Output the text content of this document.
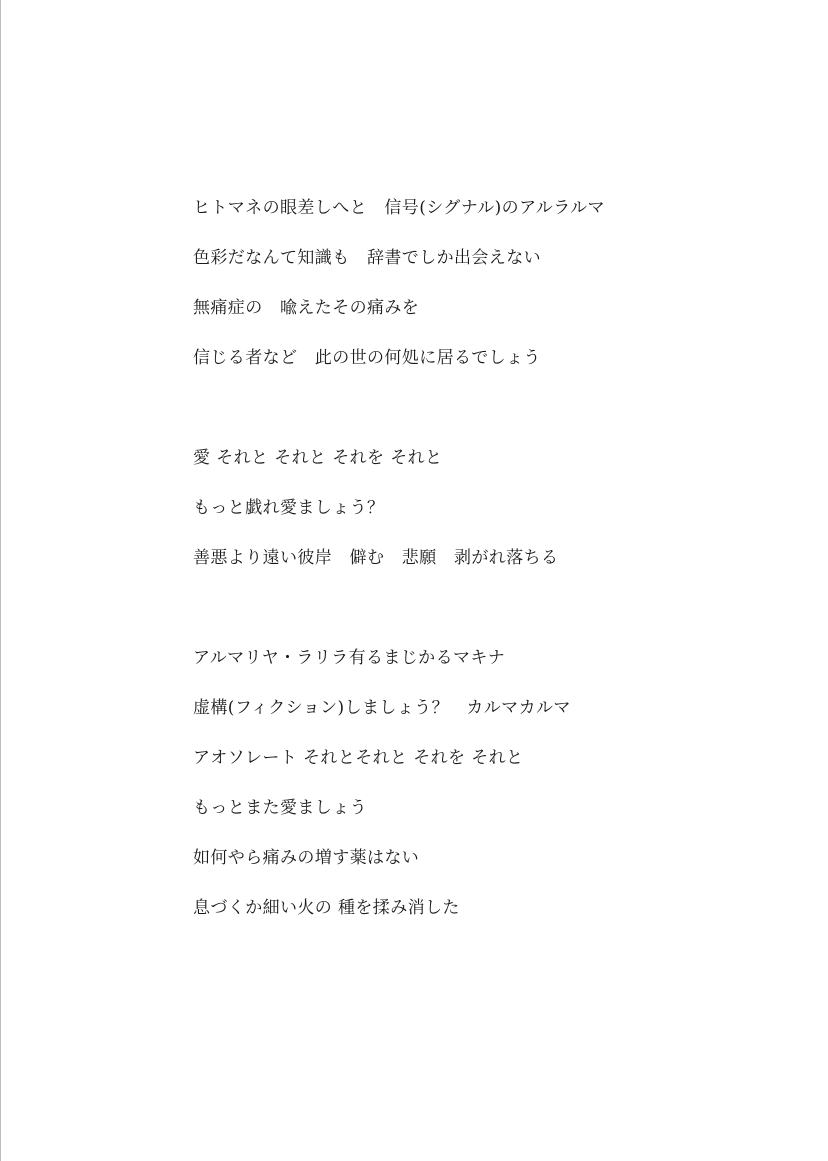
ヒトマネの眼差しへと　信号(シグナル)のアルラルマ
色彩だなんて知識も　辞書でしか出会えない
無痛症の　喩えたその痛みを
信じる者など　此の世の何処に居るでしょう
愛 それと それと それを それと
もっと戯れ愛ましょう？
善悪より遠い彼岸　僻む　悲願　剥がれ落ちる
アルマリヤ・ラリラ有るまじかるマキナ
虚構(フィクション)しましょう？　カルマカルマ
アオソレート それとそれと それを それと
もっとまた愛ましょう
如何やら痛みの増す薬はない
息づくか細い火の 種を揉み消した
